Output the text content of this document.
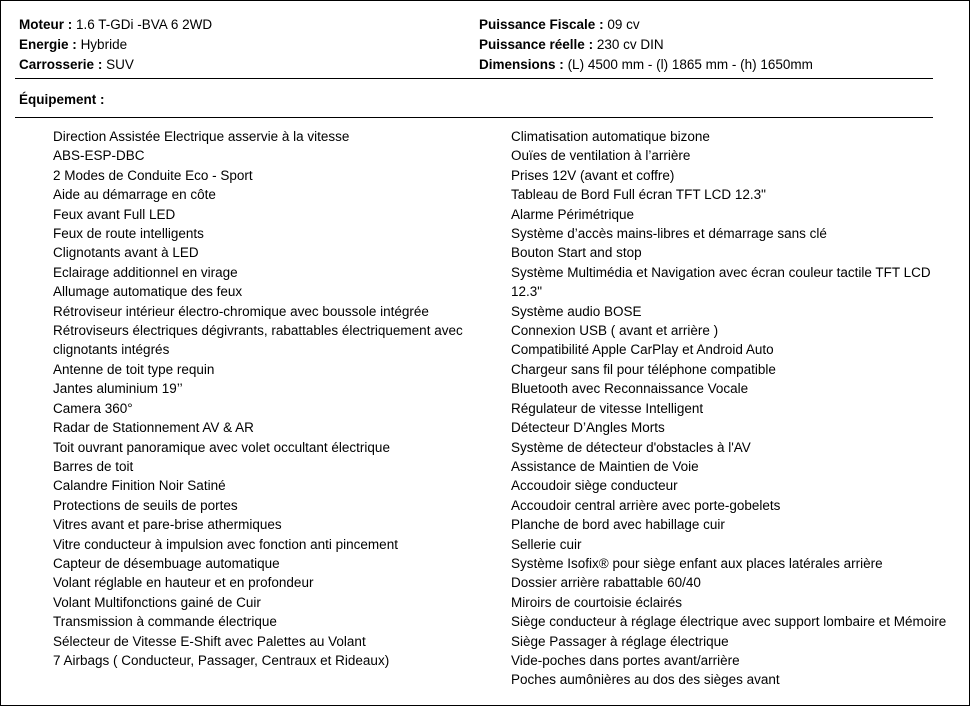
Moteur : 1.6 T-GDi -BVA 6 2WD
Energie : Hybride
Carrosserie : SUV
Puissance Fiscale : 09 cv
Puissance réelle : 230 cv DIN
Dimensions : (L) 4500 mm - (l) 1865 mm - (h) 1650mm
Équipement :
Direction Assistée Electrique asservie à la vitesse
ABS-ESP-DBC
2 Modes de Conduite Eco - Sport
Aide au démarrage en côte
Feux avant Full LED
Feux de route intelligents
Clignotants avant à LED
Eclairage additionnel en virage
Allumage automatique des feux
Rétroviseur intérieur électro-chromique avec boussole intégrée
Rétroviseurs électriques dégivrants, rabattables électriquement avec clignotants intégrés
Antenne de toit type requin
Jantes aluminium 19’’
Camera 360°
Radar de Stationnement AV & AR
Toit ouvrant panoramique avec volet occultant électrique
Barres de toit
Calandre Finition Noir Satiné
Protections de seuils de portes
Vitres avant et pare-brise athermiques
Vitre conducteur à impulsion avec fonction anti pincement
Capteur de désembuage automatique
Volant réglable en hauteur et en profondeur
Volant Multifonctions gainé de Cuir
Transmission à commande électrique
Sélecteur de Vitesse E-Shift avec Palettes au Volant
7 Airbags ( Conducteur, Passager, Centraux et Rideaux)
Climatisation automatique bizone
Ouïes de ventilation à l’arrière
Prises 12V (avant et coffre)
Tableau de Bord Full écran TFT LCD 12.3"
Alarme Périmétrique
Système d’accès mains-libres et démarrage sans clé
Bouton Start and stop
Système Multimédia et Navigation avec écran couleur tactile TFT LCD 12.3"
Système audio BOSE
Connexion USB ( avant et arrière )
Compatibilité Apple CarPlay et Android Auto
Chargeur sans fil pour téléphone compatible
Bluetooth avec Reconnaissance Vocale
Régulateur de vitesse Intelligent
Détecteur D’Angles Morts
Système de détecteur d'obstacles à l'AV
Assistance de Maintien de Voie
Accoudoir siège conducteur
Accoudoir central arrière avec porte-gobelets
Planche de bord avec habillage cuir
Sellerie cuir
Système Isofix® pour siège enfant aux places latérales arrière
Dossier arrière rabattable 60/40
Miroirs de courtoisie éclairés
Siège conducteur à réglage électrique avec support lombaire et Mémoire
Siège Passager à réglage électrique
Vide-poches dans portes avant/arrière
Poches aumônières au dos des sièges avant
